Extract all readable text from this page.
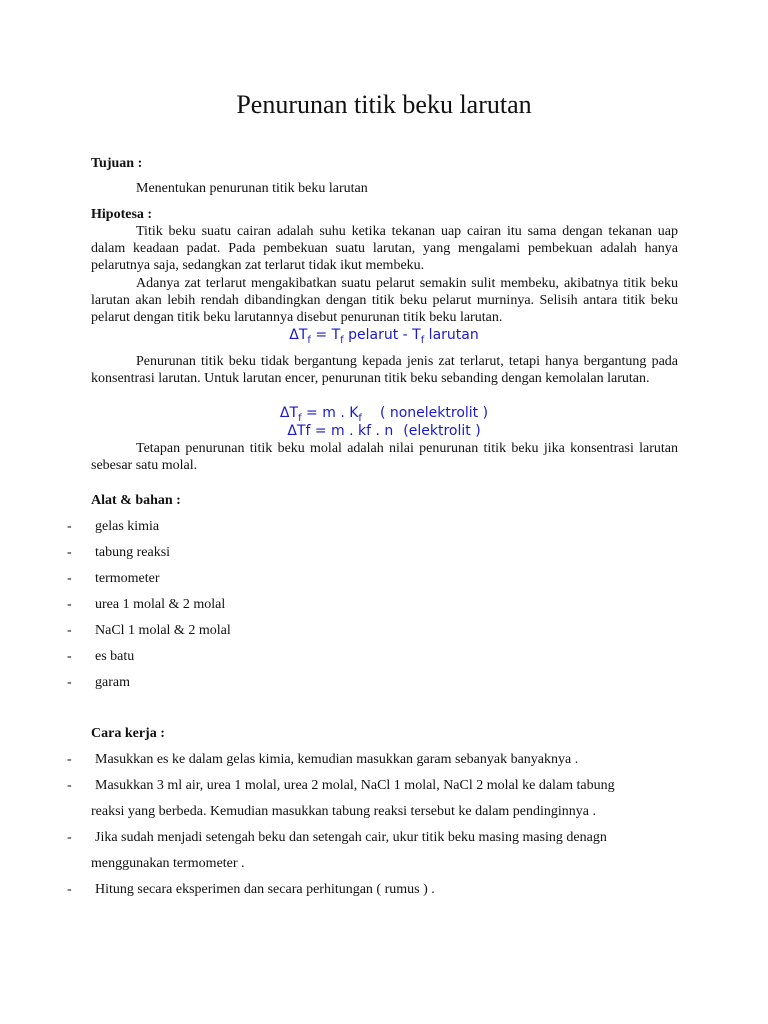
Penurunan titik beku larutan
Tujuan :
Menentukan penurunan titik beku larutan
Hipotesa :
Titik beku suatu cairan adalah suhu ketika tekanan uap cairan itu sama dengan tekanan uap dalam keadaan padat. Pada pembekuan suatu larutan, yang mengalami pembekuan adalah hanya pelarutnya saja, sedangkan zat terlarut tidak ikut membeku.
Adanya zat terlarut mengakibatkan suatu pelarut semakin sulit membeku, akibatnya titik beku larutan akan lebih rendah dibandingkan dengan titik beku pelarut murninya. Selisih antara titik beku pelarut dengan titik beku larutannya disebut penurunan titik beku larutan.
$\Delta T_f = T_f$ pelarut - $T_f$ larutan
Penurunan titik beku tidak bergantung kepada jenis zat terlarut, tetapi hanya bergantung pada konsentrasi larutan. Untuk larutan encer, penurunan titik beku sebanding dengan kemolalan larutan.
$\Delta T_f = m$ . $K_f$ ( nonelektrolit )
ΔTf = m . kf . n (elektrolit )
Tetapan penurunan titik beku molal adalah nilai penurunan titik beku jika konsentrasi larutan sebesar satu molal.
Alat & bahan :
- gelas kimia
- tabung reaksi
- termometer
- urea 1 molal & 2 molal
- NaCl 1 molal & 2 molal
- es batu
- garam
Cara kerja :
- Masukkan es ke dalam gelas kimia, kemudian masukkan garam sebanyak banyaknya .
- Masukkan 3 ml air, urea 1 molal, urea 2 molal, NaCl 1 molal, NaCl 2 molal ke dalam tabung
reaksi yang berbeda. Kemudian masukkan tabung reaksi tersebut ke dalam pendinginnya .
- Jika sudah menjadi setengah beku dan setengah cair, ukur titik beku masing masing denagn
menggunakan termometer .
- Hitung secara eksperimen dan secara perhitungan ( rumus ) .
